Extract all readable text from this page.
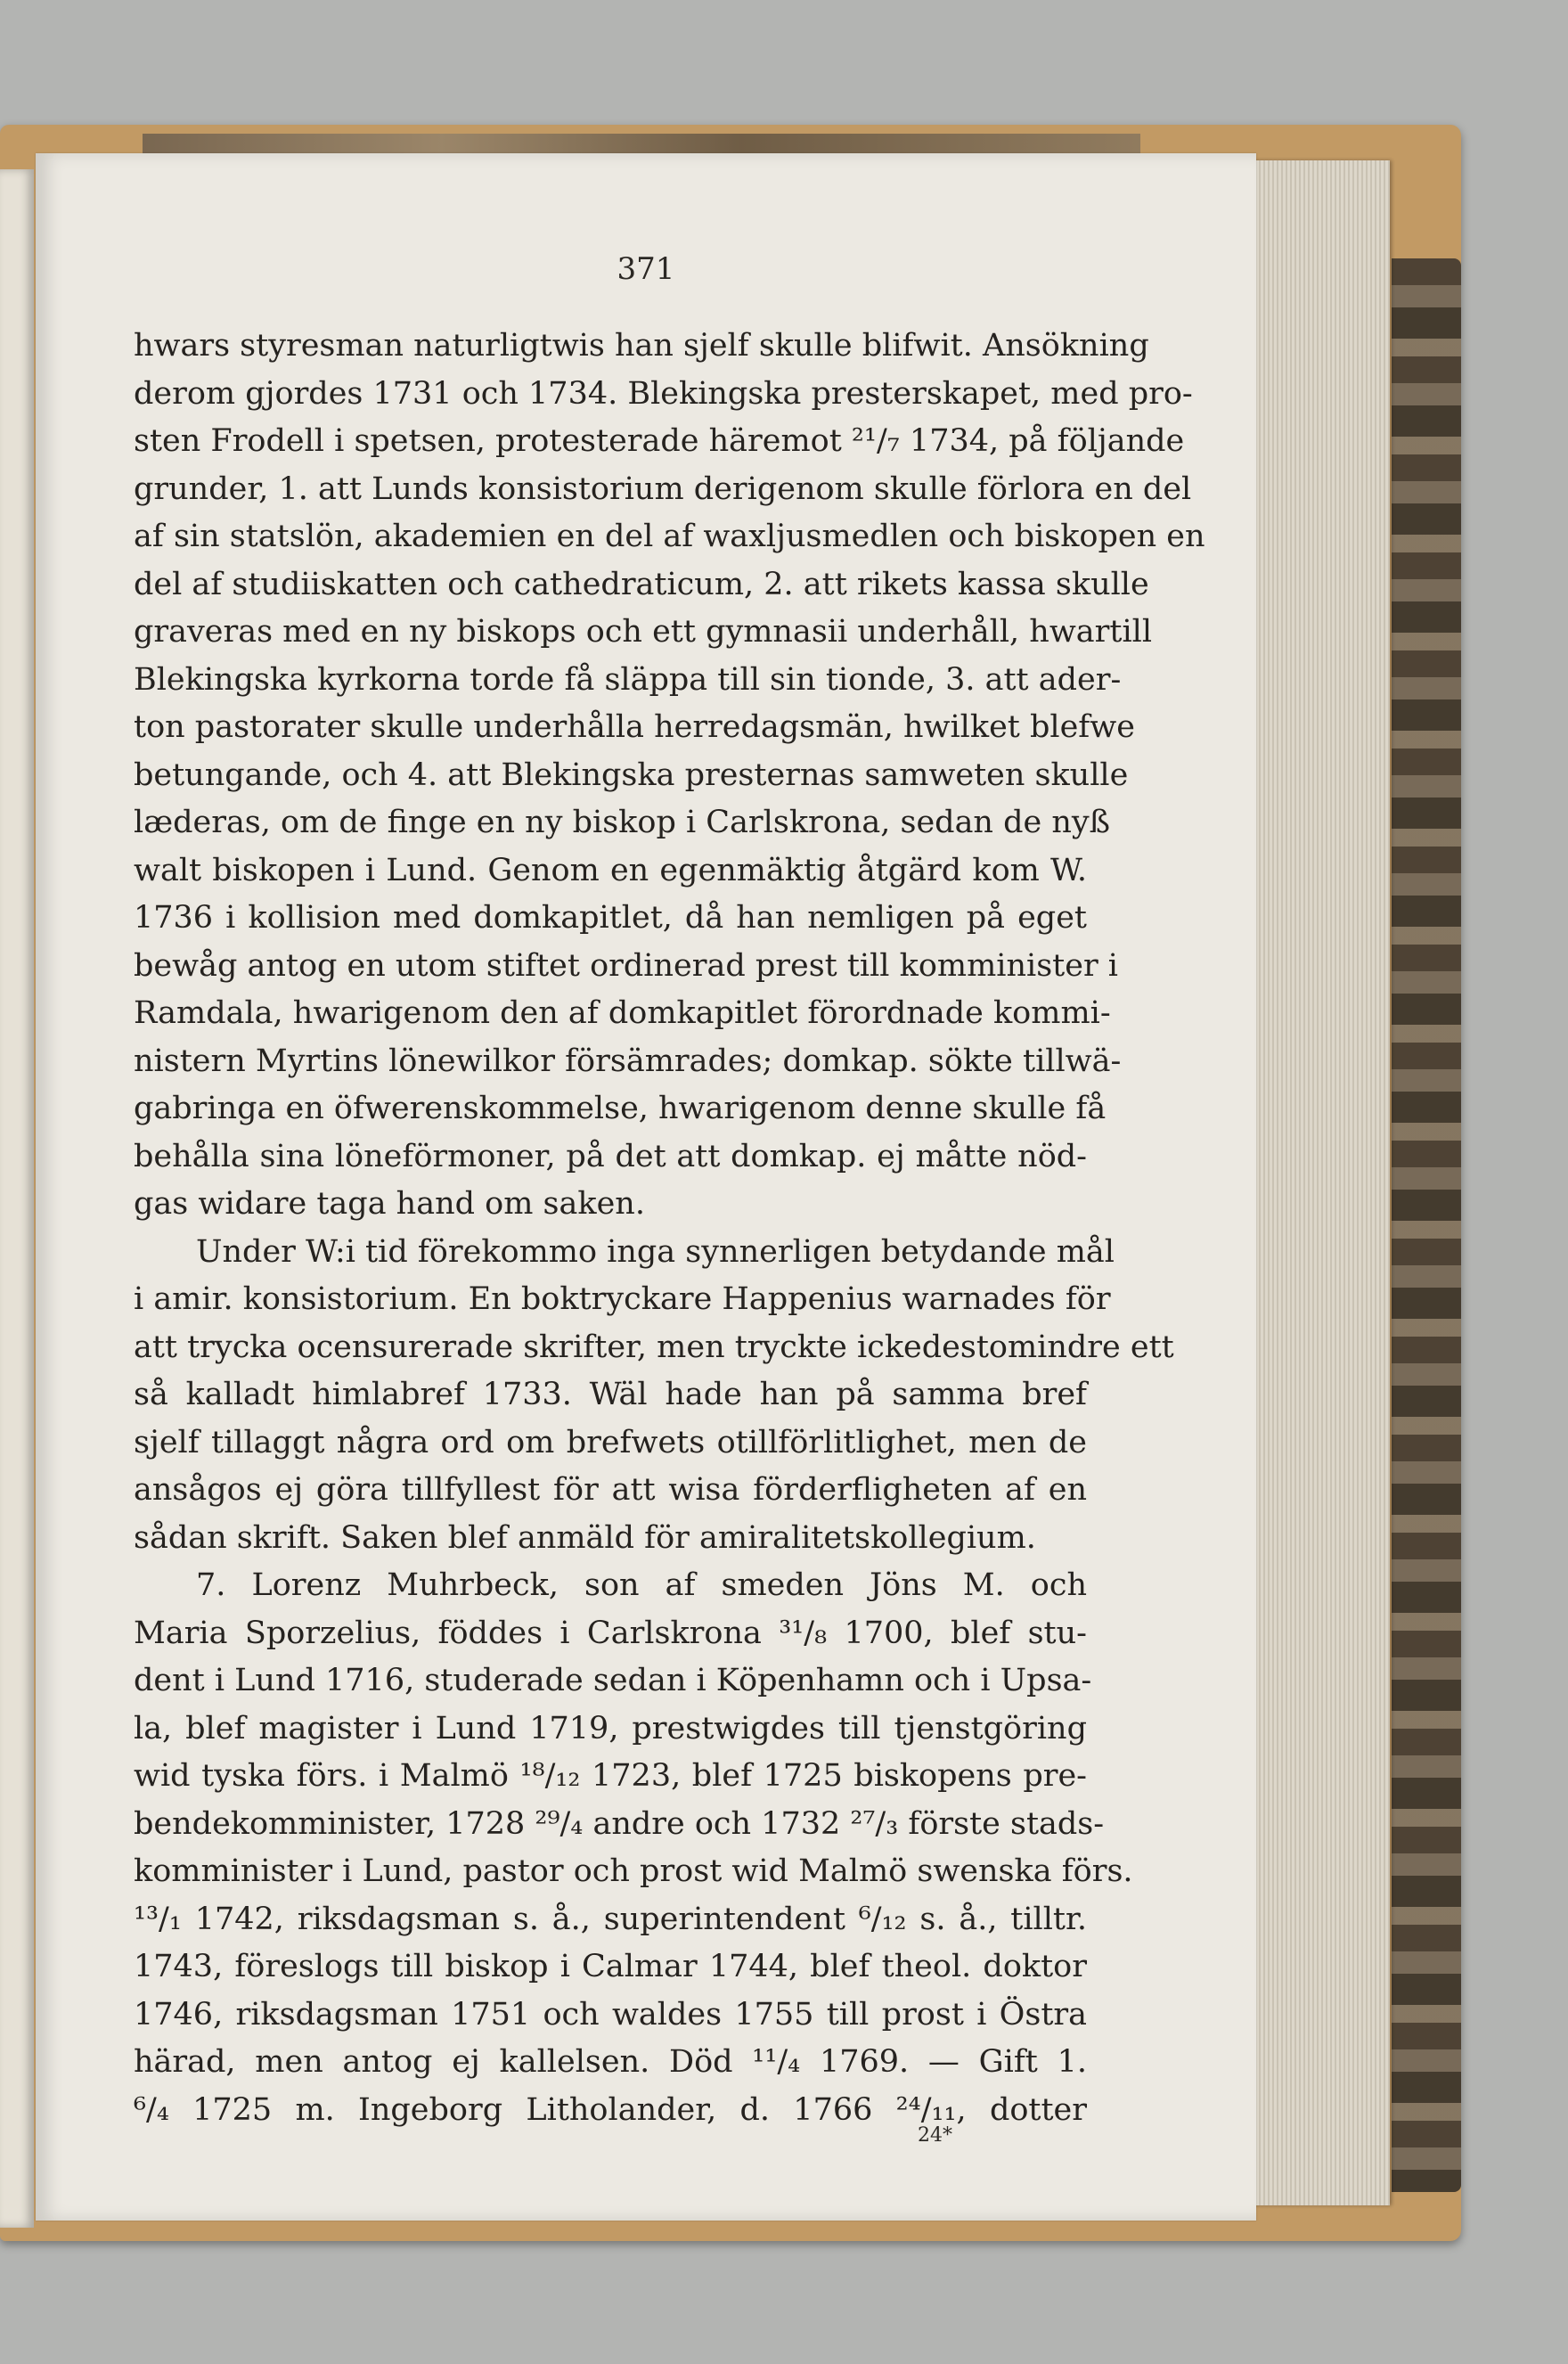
371
hwars styresman naturligtwis han sjelf skulle blifwit. Ansökning
derom gjordes 1731 och 1734. Blekingska presterskapet, med pro-
sten Frodell i spetsen, protesterade häremot ²¹/₇ 1734, på följande
grunder, 1. att Lunds konsistorium derigenom skulle förlora en del
af sin statslön, akademien en del af waxljusmedlen och biskopen en
del af studiiskatten och cathedraticum, 2. att rikets kassa skulle
graveras med en ny biskops och ett gymnasii underhåll, hwartill
Blekingska kyrkorna torde få släppa till sin tionde, 3. att ader-
ton pastorater skulle underhålla herredagsmän, hwilket blefwe
betungande, och 4. att Blekingska presternas samweten skulle
læderas, om de finge en ny biskop i Carlskrona, sedan de nyß
walt biskopen i Lund. Genom en egenmäktig åtgärd kom W.
1736 i kollision med domkapitlet, då han nemligen på eget
bewåg antog en utom stiftet ordinerad prest till komminister i
Ramdala, hwarigenom den af domkapitlet förordnade kommi-
nistern Myrtins lönewilkor försämrades; domkap. sökte tillwä-
gabringa en öfwerenskommelse, hwarigenom denne skulle få
behålla sina löneförmoner, på det att domkap. ej måtte nöd-
gas widare taga hand om saken.
Under W:i tid förekommo inga synnerligen betydande mål
i amir. konsistorium. En boktryckare Happenius warnades för
att trycka ocensurerade skrifter, men tryckte ickedestomindre ett
så kalladt himlabref 1733. Wäl hade han på samma bref
sjelf tillaggt några ord om brefwets otillförlitlighet, men de
ansågos ej göra tillfyllest för att wisa förderfligheten af en
sådan skrift. Saken blef anmäld för amiralitetskollegium.
7. Lorenz Muhrbeck, son af smeden Jöns M. och
Maria Sporzelius, föddes i Carlskrona ³¹/₈ 1700, blef stu-
dent i Lund 1716, studerade sedan i Köpenhamn och i Upsa-
la, blef magister i Lund 1719, prestwigdes till tjenstgöring
wid tyska förs. i Malmö ¹⁸/₁₂ 1723, blef 1725 biskopens pre-
bendekomminister, 1728 ²⁹/₄ andre och 1732 ²⁷/₃ förste stads-
komminister i Lund, pastor och prost wid Malmö swenska förs.
¹³/₁ 1742, riksdagsman s. å., superintendent ⁶/₁₂ s. å., tilltr.
1743, föreslogs till biskop i Calmar 1744, blef theol. doktor
1746, riksdagsman 1751 och waldes 1755 till prost i Östra
härad, men antog ej kallelsen. Död ¹¹/₄ 1769. — Gift 1.
⁶/₄ 1725 m. Ingeborg Litholander, d. 1766 ²⁴/₁₁, dotter
24*
